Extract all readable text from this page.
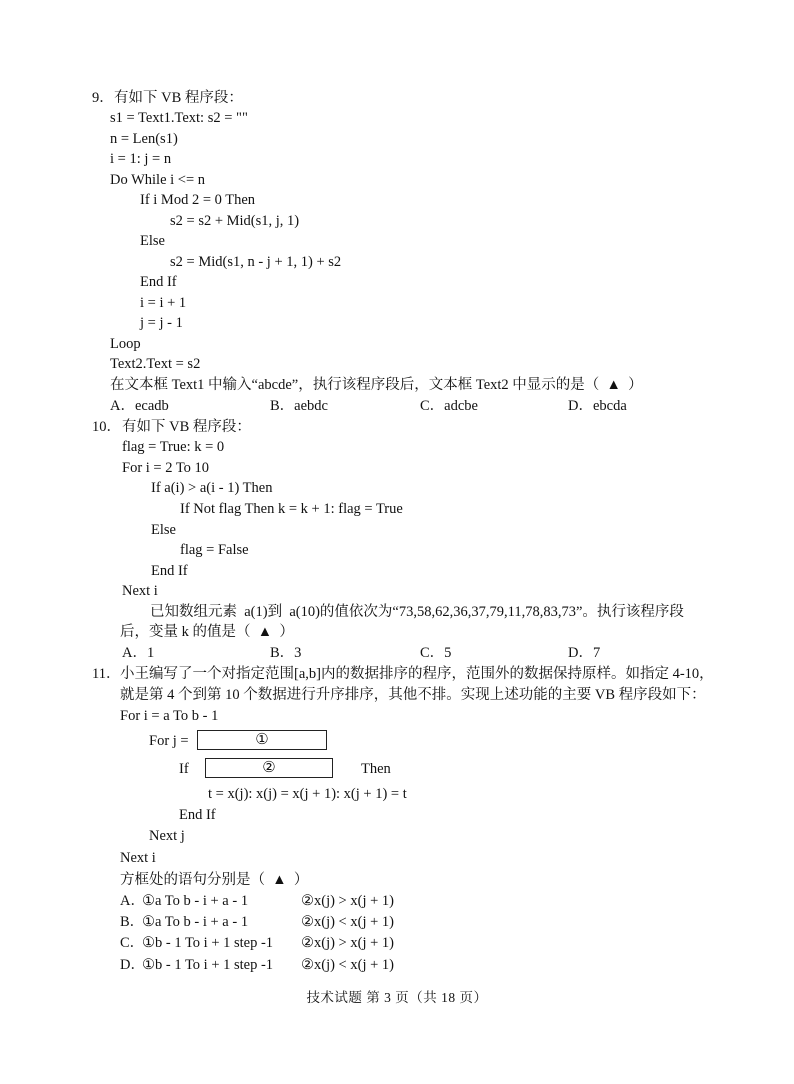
9． 有如下 VB 程序段：
s1 = Text1.Text: s2 = ""
n = Len(s1)
i = 1: j = n
Do While i <= n
If i Mod 2 = 0 Then
s2 = s2 + Mid(s1, j, 1)
Else
s2 = Mid(s1, n - j + 1, 1) + s2
End If
i = i + 1
j = j - 1
Loop
Text2.Text = s2
在文本框 Text1 中输入“abcde”，执行该程序段后，文本框 Text2 中显示的是（  ▲  ）
A．ecadb	B．aebdc	C．adcbe	D．ebcda
10． 有如下 VB 程序段：
flag = True: k = 0
For i = 2 To 10
If a(i) > a(i - 1) Then
If Not flag Then k = k + 1: flag = True
Else
flag = False
End If
Next i
已知数组元素  a(1)到  a(10)的值依次为“73,58,62,36,37,79,11,78,83,73”。执行该程序段
后，变量 k 的值是（  ▲  ）
A．1	B．3	C．5	D．7
11． 小王编写了一个对指定范围[a,b]内的数据排序的程序，范围外的数据保持原样。如指定 4-10，
就是第 4 个到第 10 个数据进行升序排序，其他不排。实现上述功能的主要 VB 程序段如下：
For i = a To b - 1
For j =	①
If	②	Then
t = x(j): x(j) = x(j + 1): x(j + 1) = t
End If
Next j
Next i
方框处的语句分别是（  ▲  ）
A．
①a To b - i + a - 1	②x(j) > x(j + 1)
B．
①a To b - i + a - 1	②x(j) < x(j + 1)
C．
①b - 1 To i + 1 step -1 ②x(j) > x(j + 1)
D．
①b - 1 To i + 1 step -1 ②x(j) < x(j + 1)
技术试题 第 3 页（共 18 页）
